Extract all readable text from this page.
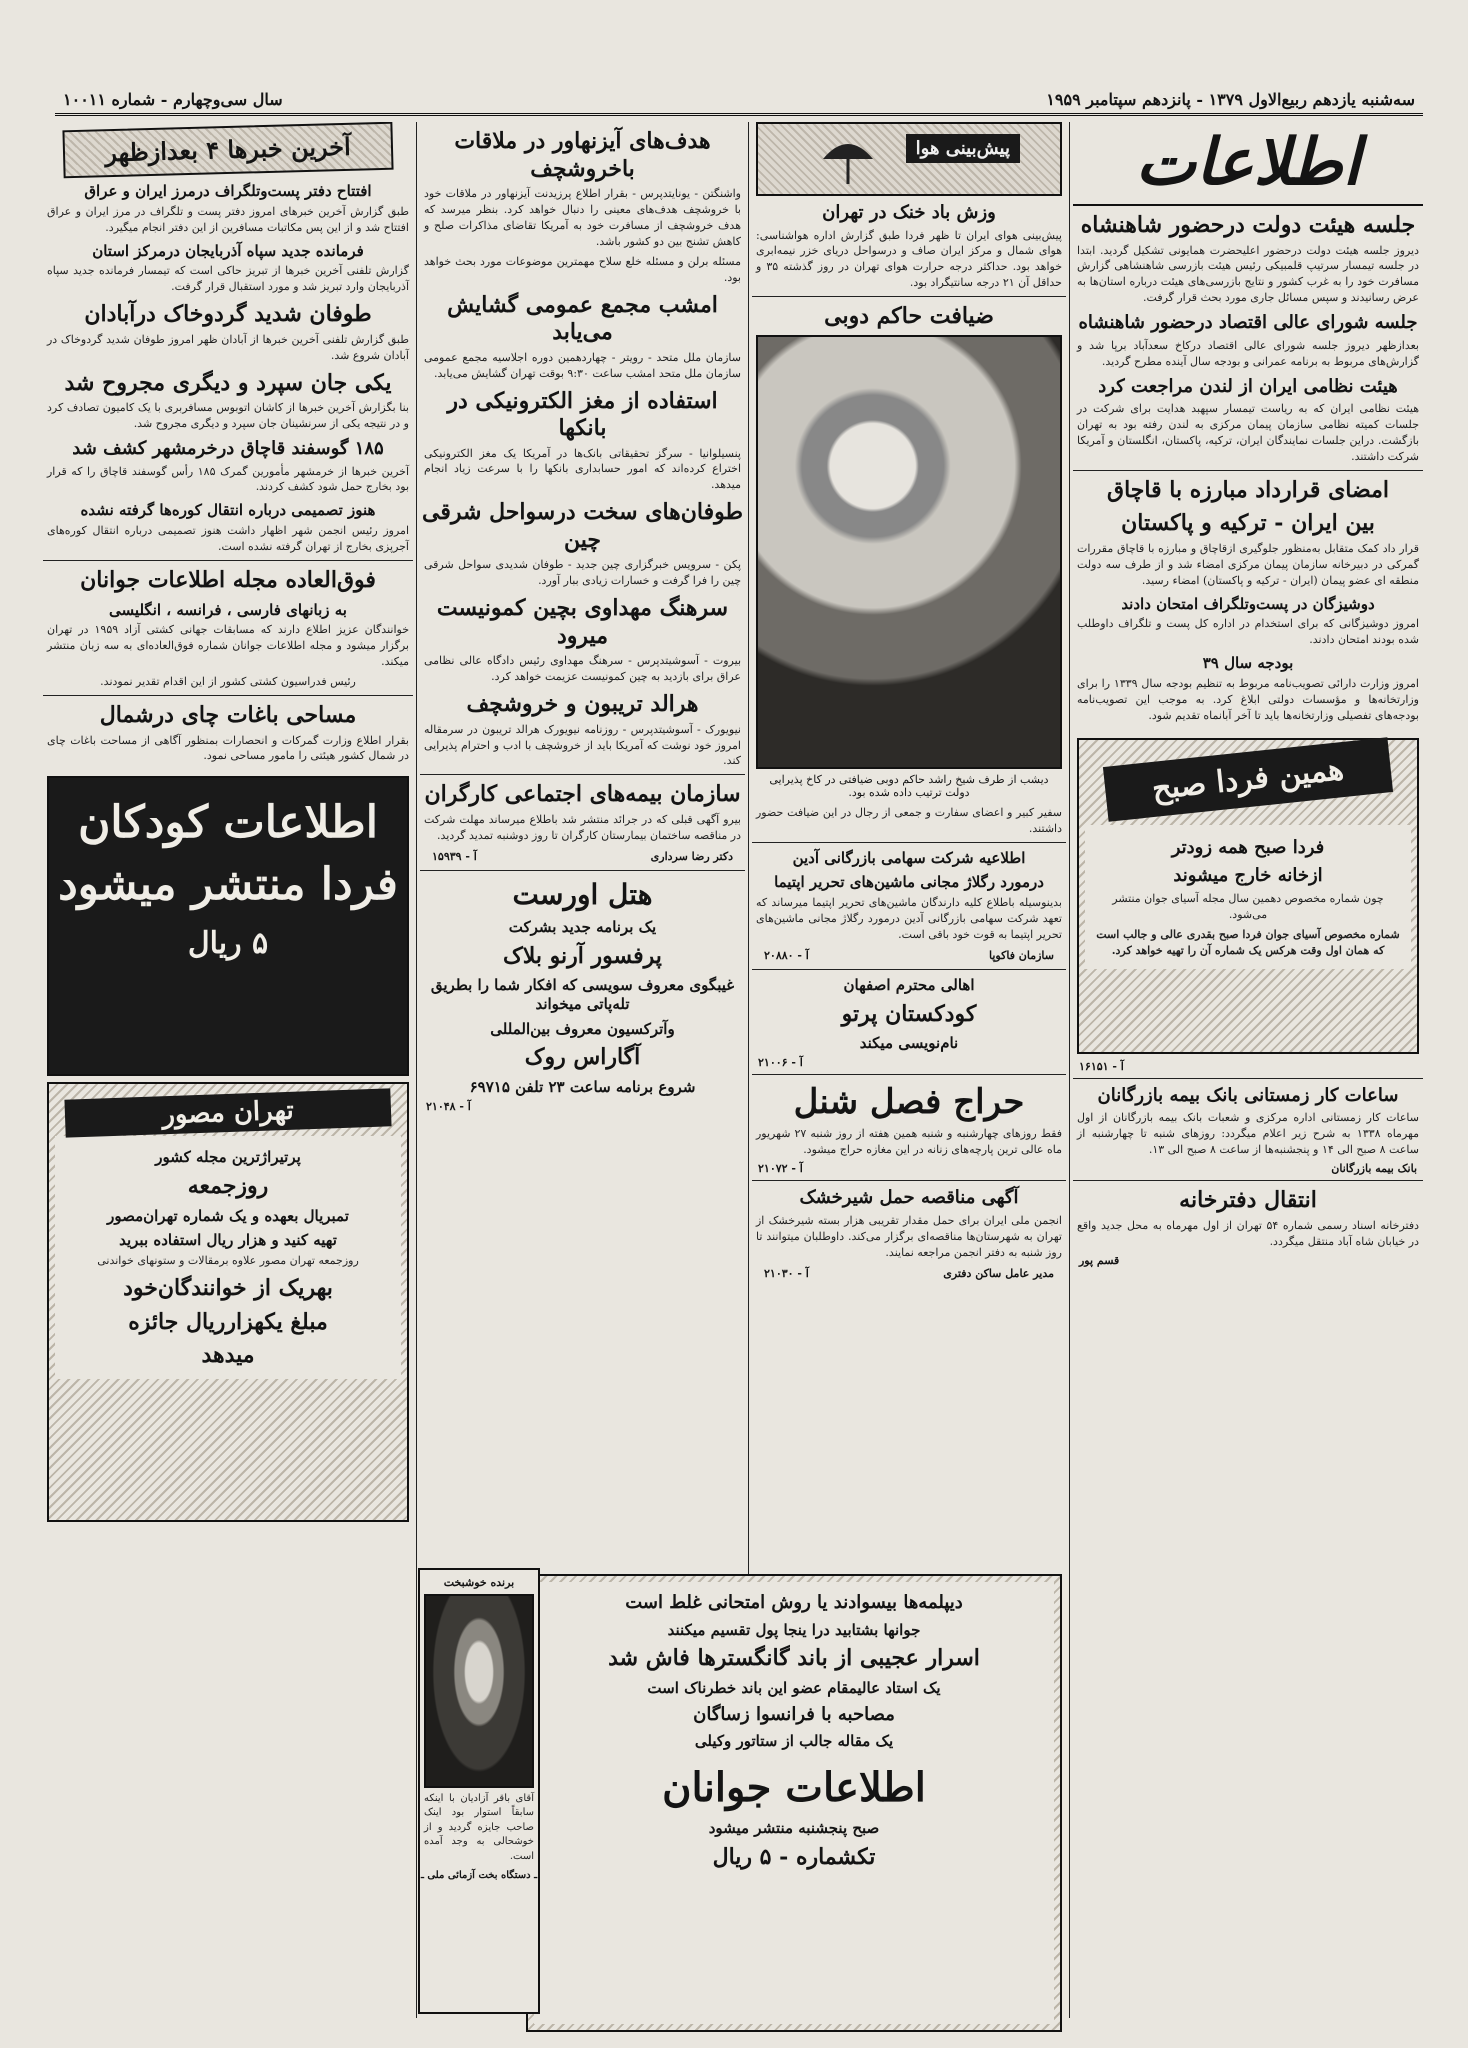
سه‌شنبه یازدهم ربیع‌الاول ۱۳۷۹ - پانزدهم سپتامبر ۱۹۵۹
سال سی‌وچهارم - شماره ۱۰۰۱۱
اطلاعات
جلسه هیئت دولت درحضور شاهنشاه
دیروز جلسه هیئت دولت درحضور اعلیحضرت همایونی تشکیل گردید. ابتدا در جلسه تیمسار سرتیپ قلمبیکی رئیس هیئت بازرسی شاهنشاهی گزارش مسافرت خود را به غرب کشور و نتایج بازرسی‌های هیئت درباره استان‌ها به عرض رسانیدند و سپس مسائل جاری مورد بحث قرار گرفت.
جلسه شورای عالی اقتصاد درحضور شاهنشاه
بعدازظهر دیروز جلسه شورای عالی اقتصاد درکاخ سعدآباد برپا شد و گزارش‌های مربوط به برنامه عمرانی و بودجه سال آینده مطرح گردید.
هیئت نظامی ایران از لندن مراجعت کرد
هیئت نظامی ایران که به ریاست تیمسار سپهبد هدایت برای شرکت در جلسات کمیته نظامی سازمان پیمان مرکزی به لندن رفته بود به تهران بازگشت. دراین جلسات نمایندگان ایران، ترکیه، پاکستان، انگلستان و آمریکا شرکت داشتند.
امضای قرارداد مبارزه با قاچاق
بین ایران - ترکیه و پاکستان
قرار داد کمک متقابل به‌منظور جلوگیری ازقاچاق و مبارزه با قاچاق مقررات گمرکی در دبیرخانه سازمان پیمان مرکزی امضاء شد و از طرف سه دولت منطقه ای عضو پیمان (ایران - ترکیه و پاکستان) امضاء رسید.
دوشیزگان در پست‌وتلگراف امتحان دادند
امروز دوشیزگانی که برای استخدام در اداره کل پست و تلگراف داوطلب شده بودند امتحان دادند.
بودجه سال ۳۹
امروز وزارت دارائی تصویب‌نامه مربوط به تنظیم بودجه سال ۱۳۳۹ را برای وزارتخانه‌ها و مؤسسات دولتی ابلاغ کرد. به موجب این تصویب‌نامه بودجه‌های تفصیلی وزارتخانه‌ها باید تا آخر آبانماه تقدیم شود.
همین فردا صبح
فردا صبح همه زودتر
ازخانه خارج میشوند
چون شماره مخصوص دهمین سال مجله آسیای جوان منتشر می‌شود.
شماره مخصوص آسیای جوان فردا صبح بقدری عالی و جالب است که همان اول وقت هرکس یک شماره آن را تهیه خواهد کرد.
آ - ۱۶۱۵۱
ساعات کار زمستانی بانک بیمه بازرگانان
ساعات کار زمستانی اداره مرکزی و شعبات بانک بیمه بازرگانان از اول مهرماه ۱۳۳۸ به شرح زیر اعلام میگردد: روزهای شنبه تا چهارشنبه از ساعت ۸ صبح الی ۱۴ و پنجشنبه‌ها از ساعت ۸ صبح الی ۱۳.
بانک بیمه بازرگانان
انتقال دفترخانه
دفترخانه اسناد رسمی شماره ۵۴ تهران از اول مهرماه به محل جدید واقع در خیابان شاه آباد منتقل میگردد.
قسم پور
پیش‌بینی هوا
وزش باد خنک در تهران
پیش‌بینی هوای ایران تا ظهر فردا طبق گزارش اداره هواشناسی: هوای شمال و مرکز ایران صاف و درسواحل دریای خزر نیمه‌ابری خواهد بود. حداکثر درجه حرارت هوای تهران در روز گذشته ۳۵ و حداقل آن ۲۱ درجه سانتیگراد بود.
ضیافت حاکم دوبی
دیشب از طرف شیخ راشد حاکم دوبی ضیافتی در کاخ پذیرایی دولت ترتیب داده شده بود.
سفیر کبیر و اعضای سفارت و جمعی از رجال در این ضیافت حضور داشتند.
اطلاعیه شرکت سهامی بازرگانی آدین
درمورد رگلاژ مجانی ماشین‌های تحریر اپتیما
بدینوسیله باطلاع کلیه دارندگان ماشین‌های تحریر اپتیما میرساند که تعهد شرکت سهامی بازرگانی آدین درمورد رگلاژ مجانی ماشین‌های تحریر اپتیما به قوت خود باقی است.
سازمان فاکوپا
آ - ۲۰۸۸۰
اهالی محترم اصفهان
کودکستان پرتو
نام‌نویسی میکند
آ - ۲۱۰۰۶
حراج فصل شنل
فقط روزهای چهارشنبه و شنبه همین هفته از روز شنبه ۲۷ شهریور ماه عالی ترین پارچه‌های زنانه در این مغازه حراج میشود.
آ - ۲۱۰۷۲
آگهی مناقصه حمل شیرخشک
انجمن ملی ایران برای حمل مقدار تقریبی هزار بسته شیرخشک از تهران به شهرستان‌ها مناقصه‌ای برگزار می‌کند. داوطلبان میتوانند تا روز شنبه به دفتر انجمن مراجعه نمایند.
مدیر عامل ساکن دفتری
آ - ۲۱۰۳۰
دیپلمه‌ها بیسوادند یا روش امتحانی غلط است
جوانها بشتابید درا ینجا پول تقسیم میکنند
اسرار عجیبی از باند گانگسترها فاش شد
یک استاد عالیمقام عضو این باند خطرناک است
مصاحبه با فرانسوا زساگان
یک مقاله جالب از ستاتور وکیلی
اطلاعات جوانان
صبح پنجشنبه منتشر میشود
تکشماره - ۵ ریال
هدف‌های آیزنهاور در ملاقات باخروشچف
واشنگتن - یونایتدپرس - بقرار اطلاع پرزیدنت آیزنهاور در ملاقات خود با خروشچف هدف‌های معینی را دنبال خواهد کرد. بنظر میرسد که هدف خروشچف از مسافرت خود به آمریکا تقاضای مذاکرات صلح و کاهش تشنج بین دو کشور باشد.
مسئله برلن و مسئله خلع سلاح مهمترین موضوعات مورد بحث خواهد بود.
امشب مجمع عمومی گشایش می‌یابد
سازمان ملل متحد - رویتر - چهاردهمین دوره اجلاسیه مجمع عمومی سازمان ملل متحد امشب ساعت ۹:۳۰ بوقت تهران گشایش می‌یابد.
استفاده از مغز الکترونیکی در بانکها
پنسیلوانیا - سرگز تحقیقاتی بانک‌ها در آمریکا یک مغز الکترونیکی اختراع کرده‌اند که امور حسابداری بانکها را با سرعت زیاد انجام میدهد.
طوفان‌های سخت درسواحل شرقی چین
پکن - سرویس خبرگزاری چین جدید - طوفان شدیدی سواحل شرقی چین را فرا گرفت و خسارات زیادی ببار آورد.
سرهنگ مهداوی بچین کمونیست میرود
بیروت - آسوشیتدپرس - سرهنگ مهداوی رئیس دادگاه عالی نظامی عراق برای بازدید به چین کمونیست عزیمت خواهد کرد.
هرالد تریبون و خروشچف
نیویورک - آسوشیتدپرس - روزنامه نیویورک هرالد تریبون در سرمقاله امروز خود نوشت که آمریکا باید از خروشچف با ادب و احترام پذیرایی کند.
سازمان بیمه‌های اجتماعی کارگران
بیرو آگهی قبلی که در جرائد منتشر شد باطلاع میرساند مهلت شرکت در مناقصه ساختمان بیمارستان کارگران تا روز دوشنبه تمدید گردید.
دکتر رضا سرداری
آ - ۱۵۹۳۹
هتل اورست
یک برنامه جدید بشرکت
پرفسور آرنو بلاک
غیبگوی معروف سویسی که افکار شما را بطریق تله‌پاتی میخواند
وآترکسیون معروف بین‌المللی
آگاراس روک
شروع برنامه ساعت ۲۳ تلفن ۶۹۷۱۵
آ - ۲۱۰۴۸
برنده خوشبخت
آقای باقر آزادیان با اینکه سابقاً استوار بود اینک صاحب جایزه گردید و از خوشحالی به وجد آمده است.
ـ دستگاه بخت آزمائی ملی ـ
آخرین خبرها ۴ بعدازظهر
افتتاح دفتر پست‌وتلگراف درمرز ایران و عراق
طبق گزارش آخرین خبرهای امروز دفتر پست و تلگراف در مرز ایران و عراق افتتاح شد و از این پس مکاتبات مسافرین از این دفتر انجام میگیرد.
فرمانده جدید سپاه آذربایجان درمرکز استان
گزارش تلفنی آخرین خبرها از تبریز حاکی است که تیمسار فرمانده جدید سپاه آذربایجان وارد تبریز شد و مورد استقبال قرار گرفت.
طوفان شدید گردوخاک درآبادان
طبق گزارش تلفنی آخرین خبرها از آبادان ظهر امروز طوفان شدید گردوخاک در آبادان شروع شد.
یکی جان سپرد و دیگری مجروح شد
بنا بگزارش آخرین خبرها از کاشان اتوبوس مسافربری با یک کامیون تصادف کرد و در نتیجه یکی از سرنشینان جان سپرد و دیگری مجروح شد.
۱۸۵ گوسفند قاچاق درخرمشهر کشف شد
آخرین خبرها از خرمشهر مأمورین گمرک ۱۸۵ رأس گوسفند قاچاق را که قرار بود بخارج حمل شود کشف کردند.
هنوز تصمیمی درباره انتقال کوره‌ها گرفته نشده
امروز رئیس انجمن شهر اظهار داشت هنوز تصمیمی درباره انتقال کوره‌های آجرپزی بخارج از تهران گرفته نشده است.
فوق‌العاده مجله اطلاعات جوانان
به زبانهای فارسی ، فرانسه ، انگلیسی
خوانندگان عزیز اطلاع دارند که مسابقات جهانی کشتی آزاد ۱۹۵۹ در تهران برگزار میشود و مجله اطلاعات جوانان شماره فوق‌العاده‌ای به سه زبان منتشر میکند.
رئیس فدراسیون کشتی کشور از این اقدام تقدیر نمودند.
مساحی باغات چای درشمال
بقرار اطلاع وزارت گمرکات و انحصارات بمنظور آگاهی از مساحت باغات چای در شمال کشور هیئتی را مامور مساحی نمود.
اطلاعات کودکان
فردا منتشر میشود
۵ ریال
تهران مصور
پرتیراژترین مجله کشور
روزجمعه
تمبریال بعهده و یک شماره تهران‌مصور
تهیه کنید و هزار ریال استفاده ببرید
روزجمعه تهران مصور علاوه برمقالات و ستونهای خواندنی
بهریک از خوانندگان‌خود
مبلغ یکهزارریال جائزه
میدهد
